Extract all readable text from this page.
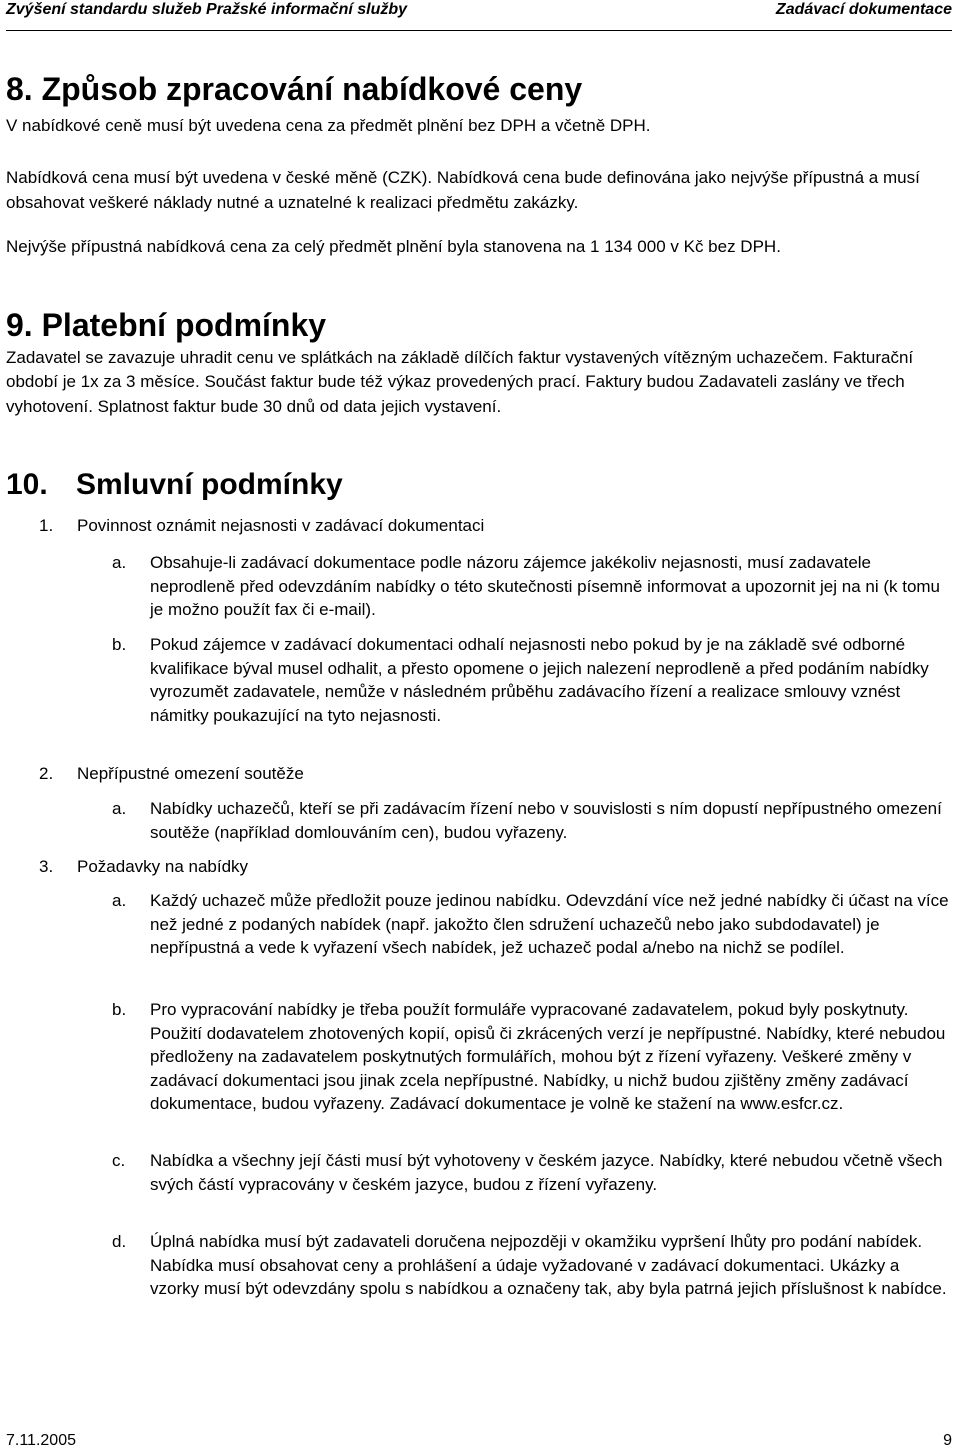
Zvýšení standardu služeb Pražské informační služby	Zadávací dokumentace
8. Způsob zpracování nabídkové ceny
V nabídkové ceně musí být uvedena cena za předmět plnění bez DPH a včetně DPH.
Nabídková cena musí být uvedena v české měně (CZK). Nabídková cena bude definována jako nejvýše přípustná a musí obsahovat veškeré náklady nutné a uznatelné k realizaci předmětu zakázky.
Nejvýše přípustná nabídková cena za celý předmět plnění byla stanovena na 1 134 000 v Kč bez DPH.
9. Platební podmínky
Zadavatel se zavazuje uhradit cenu ve splátkách na základě dílčích faktur vystavených vítězným uchazečem. Fakturační období je 1x za 3 měsíce. Součást faktur bude též výkaz provedených prací. Faktury budou Zadavateli zaslány ve třech vyhotovení. Splatnost faktur bude 30 dnů od data jejich vystavení.
10. Smluvní podmínky
1. Povinnost oznámit nejasnosti v zadávací dokumentaci
a. Obsahuje-li zadávací dokumentace podle názoru zájemce jakékoliv nejasnosti, musí zadavatele neprodleně před odevzdáním nabídky o této skutečnosti písemně informovat a upozornit jej na ni (k tomu je možno použít fax či e-mail).
b. Pokud zájemce v zadávací dokumentaci odhalí nejasnosti nebo pokud by je na základě své odborné kvalifikace býval musel odhalit, a přesto opomene o jejich nalezení neprodleně a před podáním nabídky vyrozumět zadavatele, nemůže v následném průběhu zadávacího řízení a realizace smlouvy vznést námitky poukazující na tyto nejasnosti.
2. Nepřípustné omezení soutěže
a. Nabídky uchazečů, kteří se při zadávacím řízení nebo v souvislosti s ním dopustí nepřípustného omezení soutěže (například domlouváním cen), budou vyřazeny.
3. Požadavky na nabídky
a. Každý uchazeč může předložit pouze jedinou nabídku. Odevzdání více než jedné nabídky či účast na více než jedné z podaných nabídek (např. jakožto člen sdružení uchazečů nebo jako subdodavatel) je nepřípustná a vede k vyřazení všech nabídek, jež uchazeč podal a/nebo na nichž se podílel.
b. Pro vypracování nabídky je třeba použít formuláře vypracované zadavatelem, pokud byly poskytnuty. Použití dodavatelem zhotovených kopií, opisů či zkrácených verzí je nepřípustné. Nabídky, které nebudou předloženy na zadavatelem poskytnutých formulářích, mohou být z řízení vyřazeny. Veškeré změny v zadávací dokumentaci jsou jinak zcela nepřípustné. Nabídky, u nichž budou zjištěny změny zadávací dokumentace, budou vyřazeny. Zadávací dokumentace je volně ke stažení na www.esfcr.cz.
c. Nabídka a všechny její části musí být vyhotoveny v českém jazyce. Nabídky, které nebudou včetně všech svých částí vypracovány v českém jazyce, budou z řízení vyřazeny.
d. Úplná nabídka musí být zadavateli doručena nejpozději v okamžiku vypršení lhůty pro podání nabídek. Nabídka musí obsahovat ceny a prohlášení a údaje vyžadované v zadávací dokumentaci. Ukázky a vzorky musí být odevzdány spolu s nabídkou a označeny tak, aby byla patrná jejich příslušnost k nabídce.
7.11.2005	9
